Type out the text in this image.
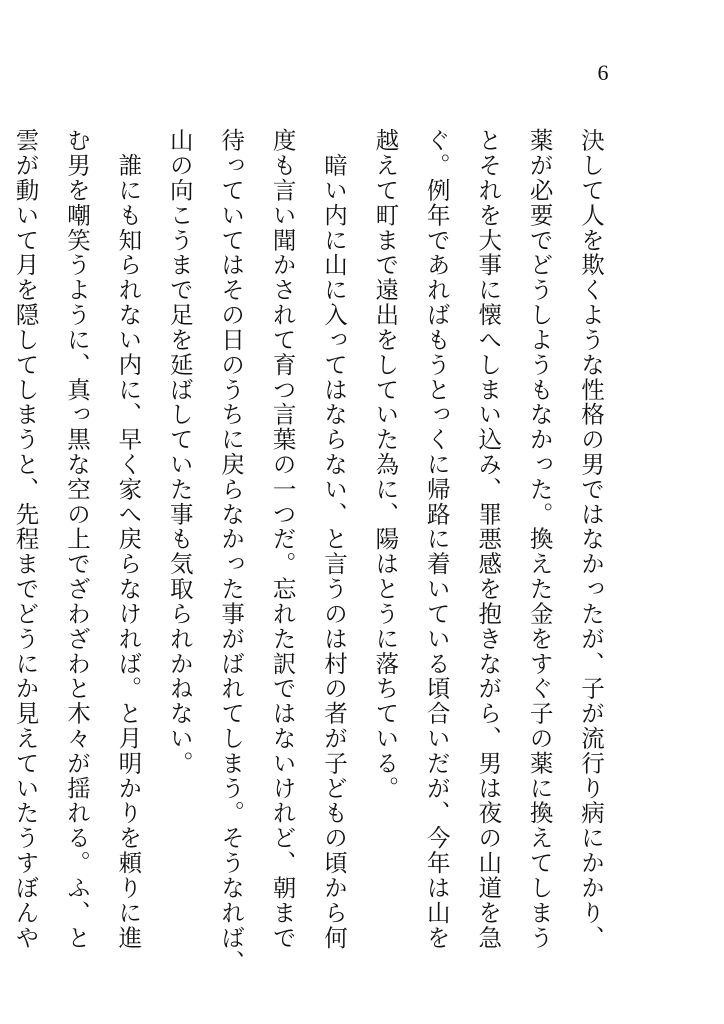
6
決して人を欺くような性格の男ではなかったが、子が流行り病にかかり、
薬が必要でどうしようもなかった。換えた金をすぐ子の薬に換えてしまう
とそれを大事に懐へしまい込み、罪悪感を抱きながら、男は夜の山道を急
ぐ。例年であればもうとっくに帰路に着いている頃合いだが、今年は山を
越えて町まで遠出をしていた為に、陽はとうに落ちている。
　暗い内に山に入ってはならない、と言うのは村の者が子どもの頃から何
度も言い聞かされて育つ言葉の一つだ。忘れた訳ではないけれど、朝まで
待っていてはその日のうちに戻らなかった事がばれてしまう。そうなれば、
山の向こうまで足を延ばしていた事も気取られかねない。
　誰にも知られない内に、早く家へ戻らなければ。と月明かりを頼りに進
む男を嘲笑うように、真っ黒な空の上でざわざわと木々が揺れる。ふ、と
雲が動いて月を隠してしまうと、先程までどうにか見えていたうすぼんや
